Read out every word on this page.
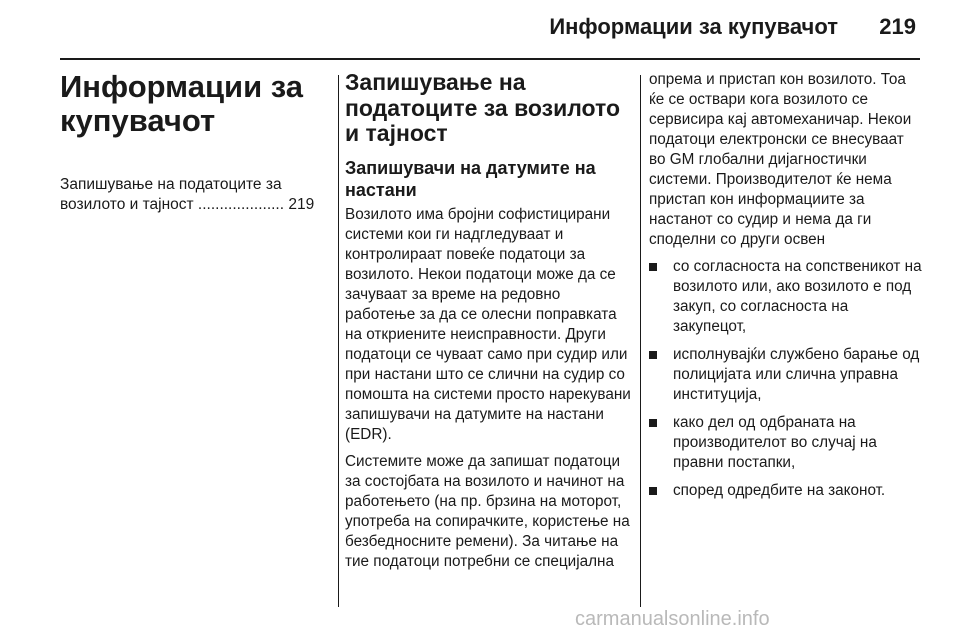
Информации за купувачот 219
Информации за купувачот
Запишување на податоците за возилото и тајност .................... 219
Запишување на податоците за возилото и тајност
Запишувачи на датумите на настани

Возилото има бројни софистицирани системи кои ги надгледуваат и контролираат повеќе податоци за возилото. Некои податоци може да се зачуваат за време на редовно работење за да се олесни поправката на откриените неисправности. Други податоци се чуваат само при судир или при настани што се слични на судир со помошта на системи просто нарекувани запишувачи на датумите на настани (EDR).

Системите може да запишат податоци за состојбата на возилото и начинот на работењето (на пр. брзина на моторот, употреба на сопирачките, користење на безбедносните ремени). За читање на тие податоци потребни се специјална

опрема и пристап кон возилото. Тоа ќе се оствари кога возилото се сервисира кај автомеханичар. Некои податоци електронски се внесуваат во GM глобални дијагностички системи. Производителот ќе нема пристап кон информациите за настанот со судир и нема да ги споделни со други освен

со согласноста на сопственикот на возилото или, ако возилото е под закуп, со согласноста на закупецот,
исполнувајќи службено барање од полицијата или слична управна институција,
како дел од одбраната на производителот во случај на правни постапки,
според одредбите на законот.
carmanualsonline.info
